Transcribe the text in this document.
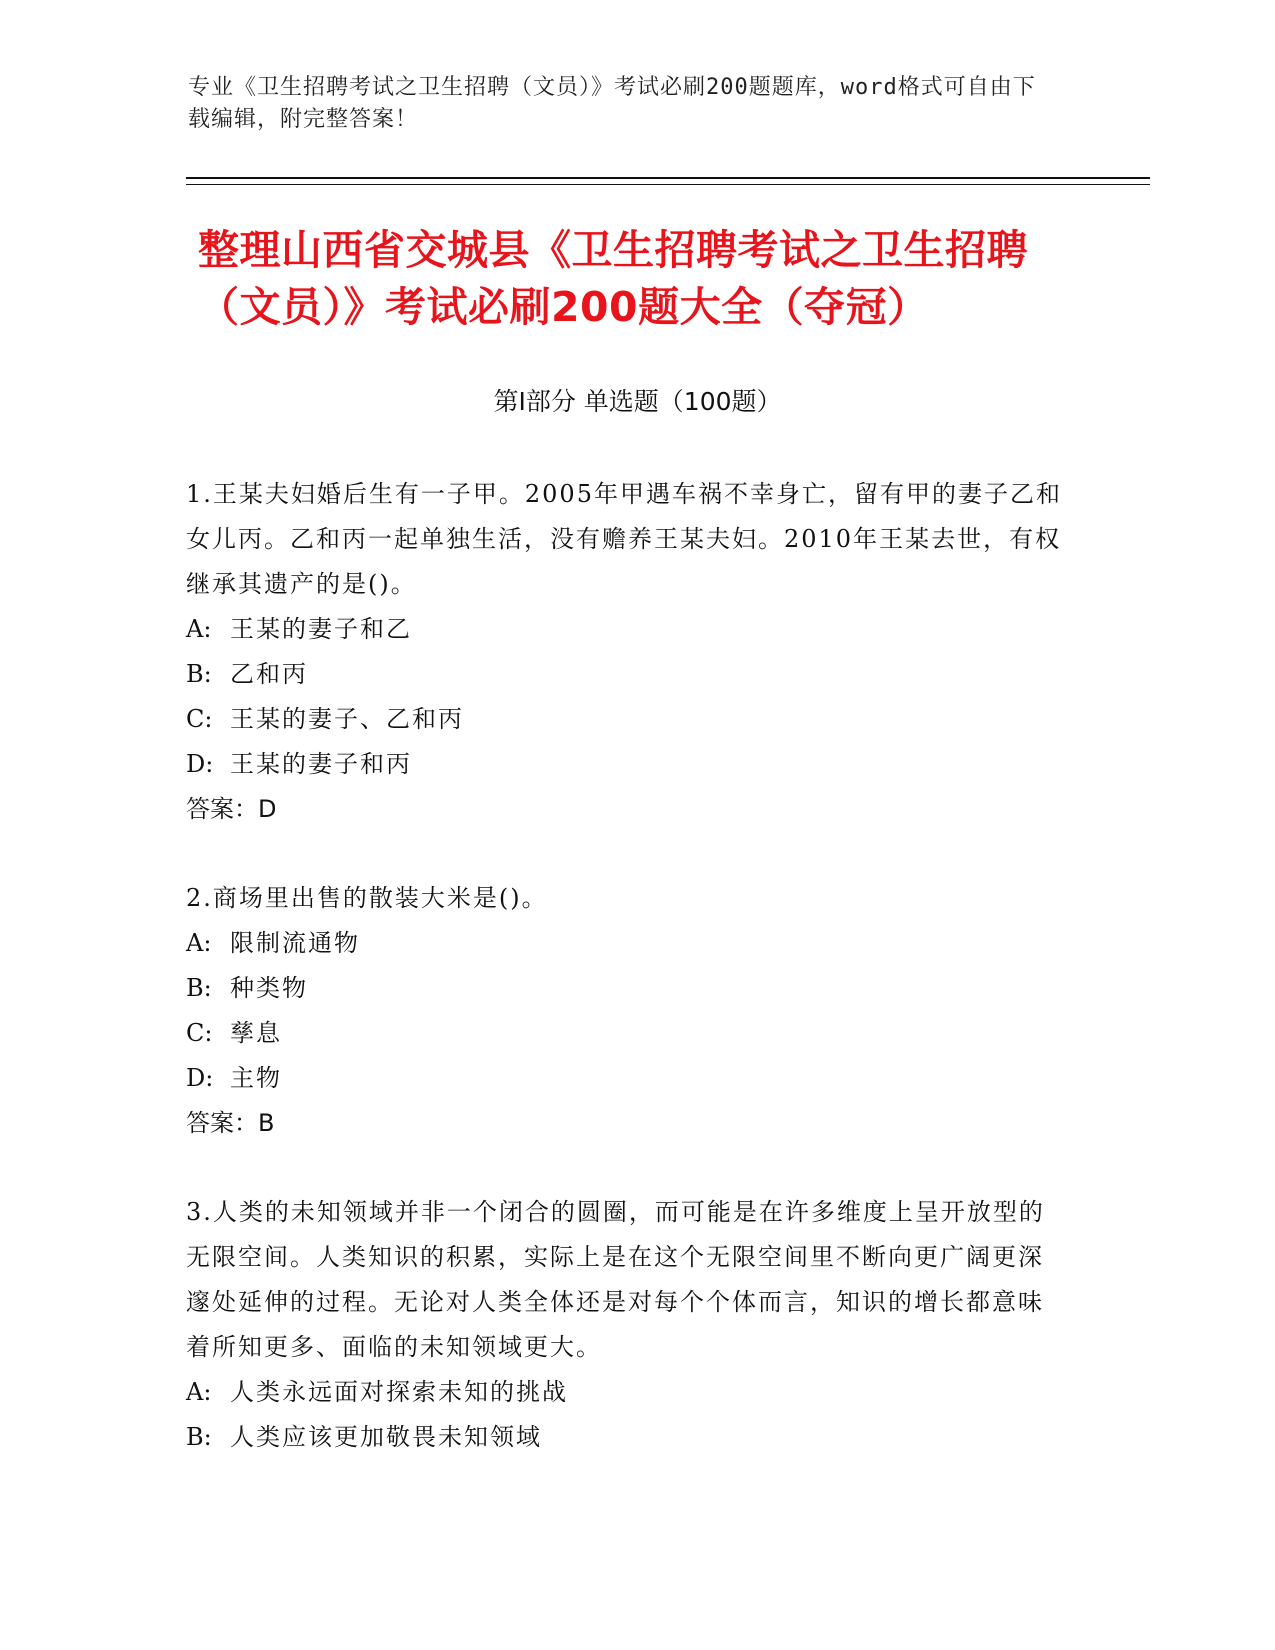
专业《卫生招聘考试之卫生招聘（文员）》考试必刷200题题库，word格式可自由下载编辑，附完整答案！
整理山西省交城县《卫生招聘考试之卫生招聘（文员）》考试必刷200题大全（夺冠）
第Ⅰ部分 单选题（100题）
1.王某夫妇婚后生有一子甲。2005年甲遇车祸不幸身亡，留有甲的妻子乙和女儿丙。乙和丙一起单独生活，没有赡养王某夫妇。2010年王某去世，有权继承其遗产的是()。
A: 王某的妻子和乙
B: 乙和丙
C: 王某的妻子、乙和丙
D: 王某的妻子和丙
答案：D
2.商场里出售的散装大米是()。
A: 限制流通物
B: 种类物
C: 孳息
D: 主物
答案：B
3.人类的未知领域并非一个闭合的圆圈，而可能是在许多维度上呈开放型的无限空间。人类知识的积累，实际上是在这个无限空间里不断向更广阔更深邃处延伸的过程。无论对人类全体还是对每个个体而言，知识的增长都意味着所知更多、面临的未知领域更大。
A: 人类永远面对探索未知的挑战
B: 人类应该更加敬畏未知领域
